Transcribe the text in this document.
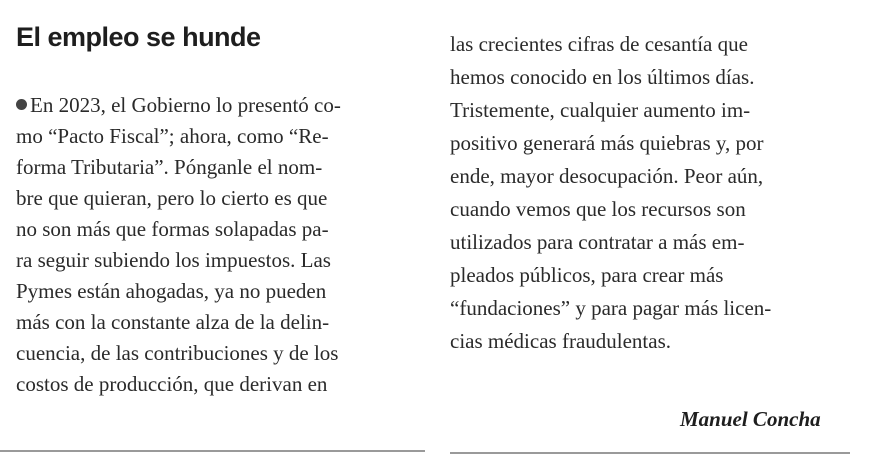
El empleo se hunde
En 2023, el Gobierno lo presentó co-
mo “Pacto Fiscal”; ahora, como “Re-
forma Tributaria”. Pónganle el nom-
bre que quieran, pero lo cierto es que
no son más que formas solapadas pa-
ra seguir subiendo los impuestos. Las
Pymes están ahogadas, ya no pueden
más con la constante alza de la delin-
cuencia, de las contribuciones y de los
costos de producción, que derivan en
las crecientes cifras de cesantía que
hemos conocido en los últimos días.
Tristemente, cualquier aumento im-
positivo generará más quiebras y, por
ende, mayor desocupación. Peor aún,
cuando vemos que los recursos son
utilizados para contratar a más em-
pleados públicos, para crear más
“fundaciones” y para pagar más licen-
cias médicas fraudulentas.
Manuel Concha
